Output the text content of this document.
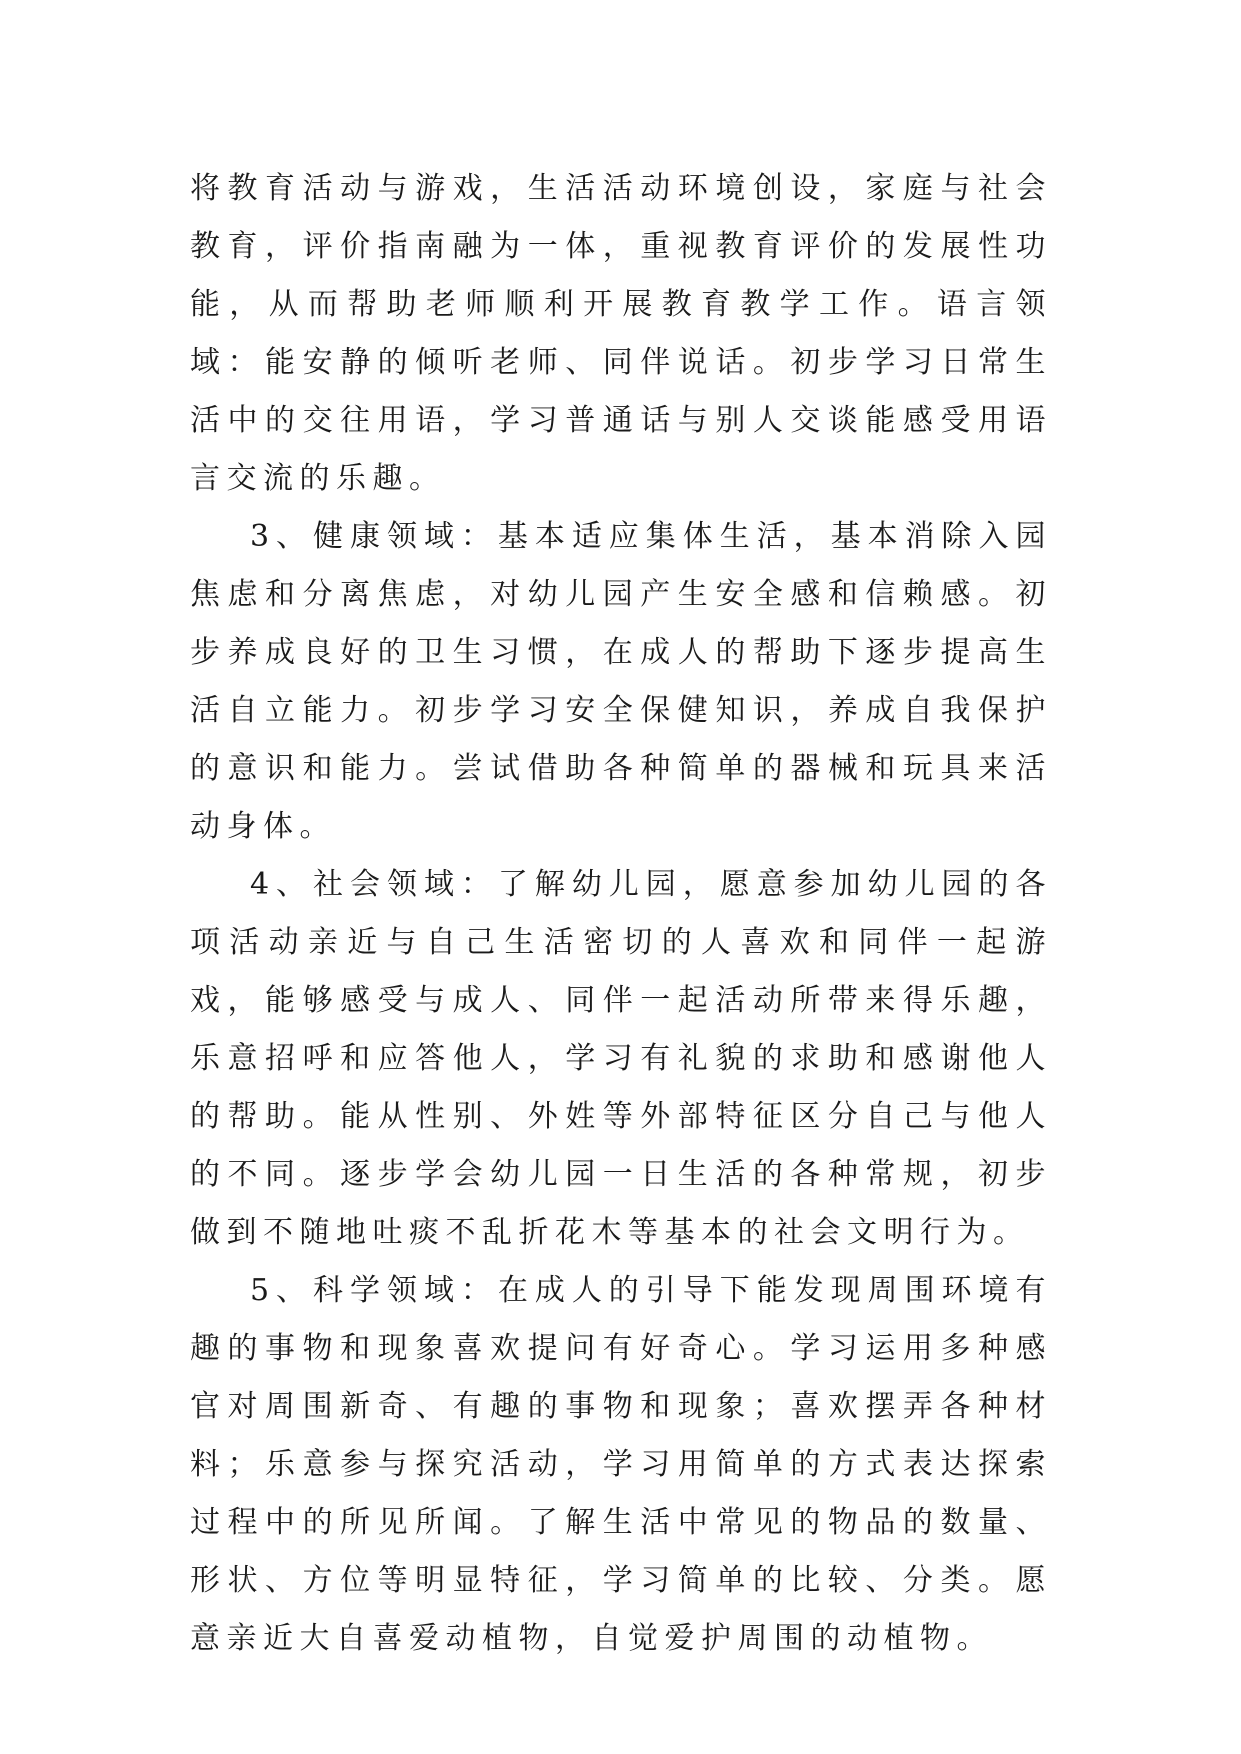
将教育活动与游戏，生活活动环境创设，家庭与社会教育，评价指南融为一体，重视教育评价的发展性功能，从而帮助老师顺利开展教育教学工作。语言领域：能安静的倾听老师、同伴说话。初步学习日常生活中的交往用语，学习普通话与别人交谈能感受用语言交流的乐趣。

3、健康领域：基本适应集体生活，基本消除入园焦虑和分离焦虑，对幼儿园产生安全感和信赖感。初步养成良好的卫生习惯，在成人的帮助下逐步提高生活自立能力。初步学习安全保健知识，养成自我保护的意识和能力。尝试借助各种简单的器械和玩具来活动身体。

4、社会领域：了解幼儿园，愿意参加幼儿园的各项活动亲近与自己生活密切的人喜欢和同伴一起游戏，能够感受与成人、同伴一起活动所带来得乐趣，乐意招呼和应答他人，学习有礼貌的求助和感谢他人的帮助。能从性别、外姓等外部特征区分自己与他人的不同。逐步学会幼儿园一日生活的各种常规，初步做到不随地吐痰不乱折花木等基本的社会文明行为。

5、科学领域：在成人的引导下能发现周围环境有趣的事物和现象喜欢提问有好奇心。学习运用多种感官对周围新奇、有趣的事物和现象；喜欢摆弄各种材料；乐意参与探究活动，学习用简单的方式表达探索过程中的所见所闻。了解生活中常见的物品的数量、形状、方位等明显特征，学习简单的比较、分类。愿意亲近大自喜爱动植物，自觉爱护周围的动植物。
